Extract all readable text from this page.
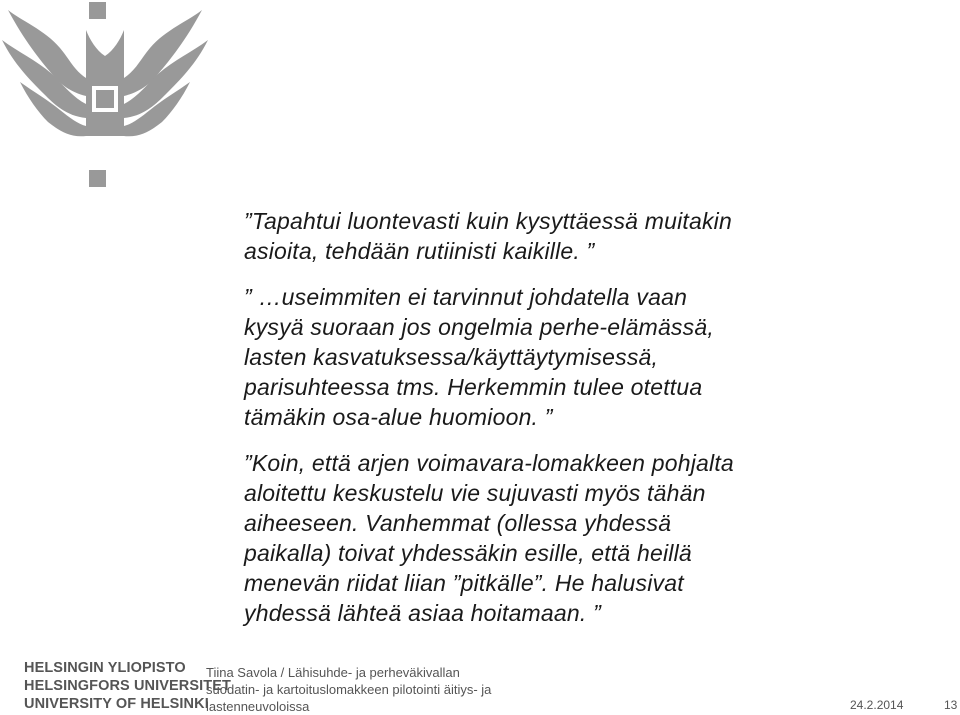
”Tapahtui luontevasti kuin kysyttäessä muitakin
asioita, tehdään rutiinisti kaikille. ”

” …useimmiten ei tarvinnut johdatella vaan
kysyä suoraan jos ongelmia perhe-elämässä,
lasten kasvatuksessa/käyttäytymisessä,
parisuhteessa tms. Herkemmin tulee otettua
tämäkin osa-alue huomioon. ”

”Koin, että arjen voimavara-lomakkeen pohjalta
aloitettu keskustelu vie sujuvasti myös tähän
aiheeseen. Vanhemmat (ollessa yhdessä
paikalla) toivat yhdessäkin esille, että heillä
menevän riidat liian ”pitkälle”. He halusivat
yhdessä lähteä asiaa hoitamaan. ”

HELSINGIN YLIOPISTO
HELSINGFORS UNIVERSITET
UNIVERSITY OF HELSINKI
Tiina Savola / Lähisuhde- ja perheväkivallan
suodatin- ja kartoituslomakkeen pilotointi äitiys- ja
lastenneuvoloissa	24.2.2014	13
